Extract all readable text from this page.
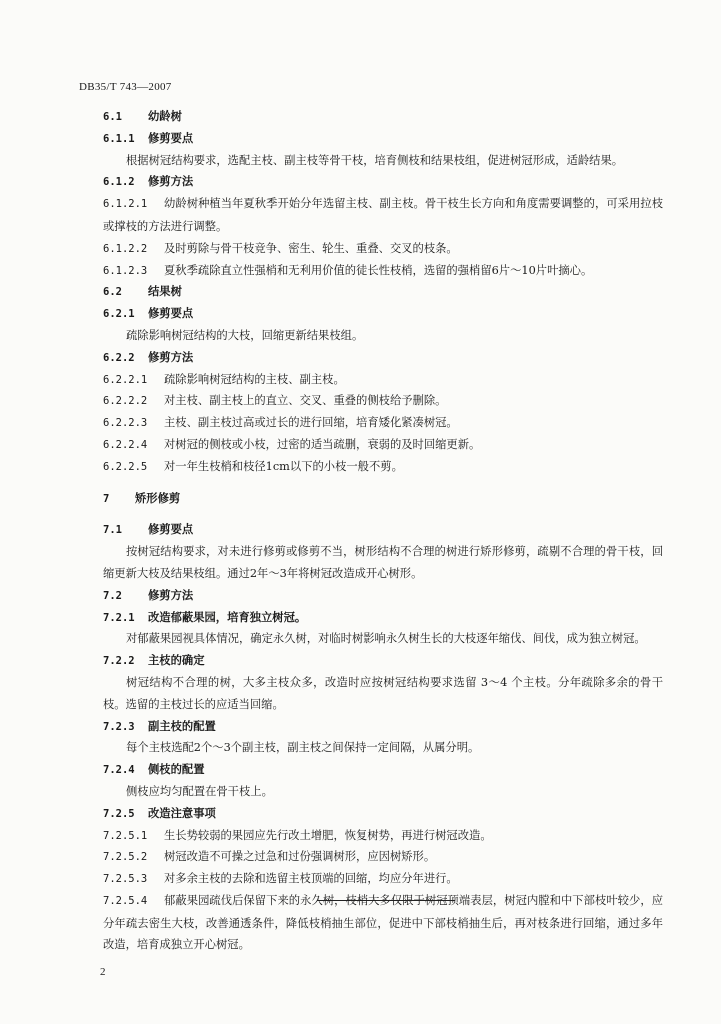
DB35/T 743—2007
6.1 幼龄树
6.1.1 修剪要点
根据树冠结构要求，选配主枝、副主枝等骨干枝，培育侧枝和结果枝组，促进树冠形成，适龄结果。
6.1.2 修剪方法
6.1.2.1 幼龄树种植当年夏秋季开始分年选留主枝、副主枝。骨干枝生长方向和角度需要调整的，可采用拉枝或撑枝的方法进行调整。
6.1.2.2 及时剪除与骨干枝竞争、密生、轮生、重叠、交叉的枝条。
6.1.2.3 夏秋季疏除直立性强梢和无利用价值的徒长性枝梢，选留的强梢留6片～10片叶摘心。
6.2 结果树
6.2.1 修剪要点
疏除影响树冠结构的大枝，回缩更新结果枝组。
6.2.2 修剪方法
6.2.2.1 疏除影响树冠结构的主枝、副主枝。
6.2.2.2 对主枝、副主枝上的直立、交叉、重叠的侧枝给予删除。
6.2.2.3 主枝、副主枝过高或过长的进行回缩，培育矮化紧凑树冠。
6.2.2.4 对树冠的侧枝或小枝，过密的适当疏删，衰弱的及时回缩更新。
6.2.2.5 对一年生枝梢和枝径1cm以下的小枝一般不剪。
7 矫形修剪
7.1 修剪要点
按树冠结构要求，对未进行修剪或修剪不当，树形结构不合理的树进行矫形修剪，疏剔不合理的骨干枝，回缩更新大枝及结果枝组。通过2年～3年将树冠改造成开心树形。
7.2 修剪方法
7.2.1 改造郁蔽果园，培育独立树冠。
对郁蔽果园视具体情况，确定永久树，对临时树影响永久树生长的大枝逐年缩伐、间伐，成为独立树冠。
7.2.2 主枝的确定
树冠结构不合理的树，大多主枝众多，改造时应按树冠结构要求选留 3～4 个主枝。分年疏除多余的骨干枝。选留的主枝过长的应适当回缩。
7.2.3 副主枝的配置
每个主枝选配2个～3个副主枝，副主枝之间保持一定间隔，从属分明。
7.2.4 侧枝的配置
侧枝应均匀配置在骨干枝上。
7.2.5 改造注意事项
7.2.5.1 生长势较弱的果园应先行改土增肥，恢复树势，再进行树冠改造。
7.2.5.2 树冠改造不可操之过急和过份强调树形，应因树矫形。
7.2.5.3 对多余主枝的去除和选留主枝顶端的回缩，均应分年进行。
7.2.5.4 郁蔽果园疏伐后保留下来的永久树，枝梢大多仅限于树冠顶端表层，树冠内膛和中下部枝叶较少，应分年疏去密生大枝，改善通透条件，降低枝梢抽生部位，促进中下部枝梢抽生后，再对枝条进行回缩，通过多年改造，培育成独立开心树冠。
2
